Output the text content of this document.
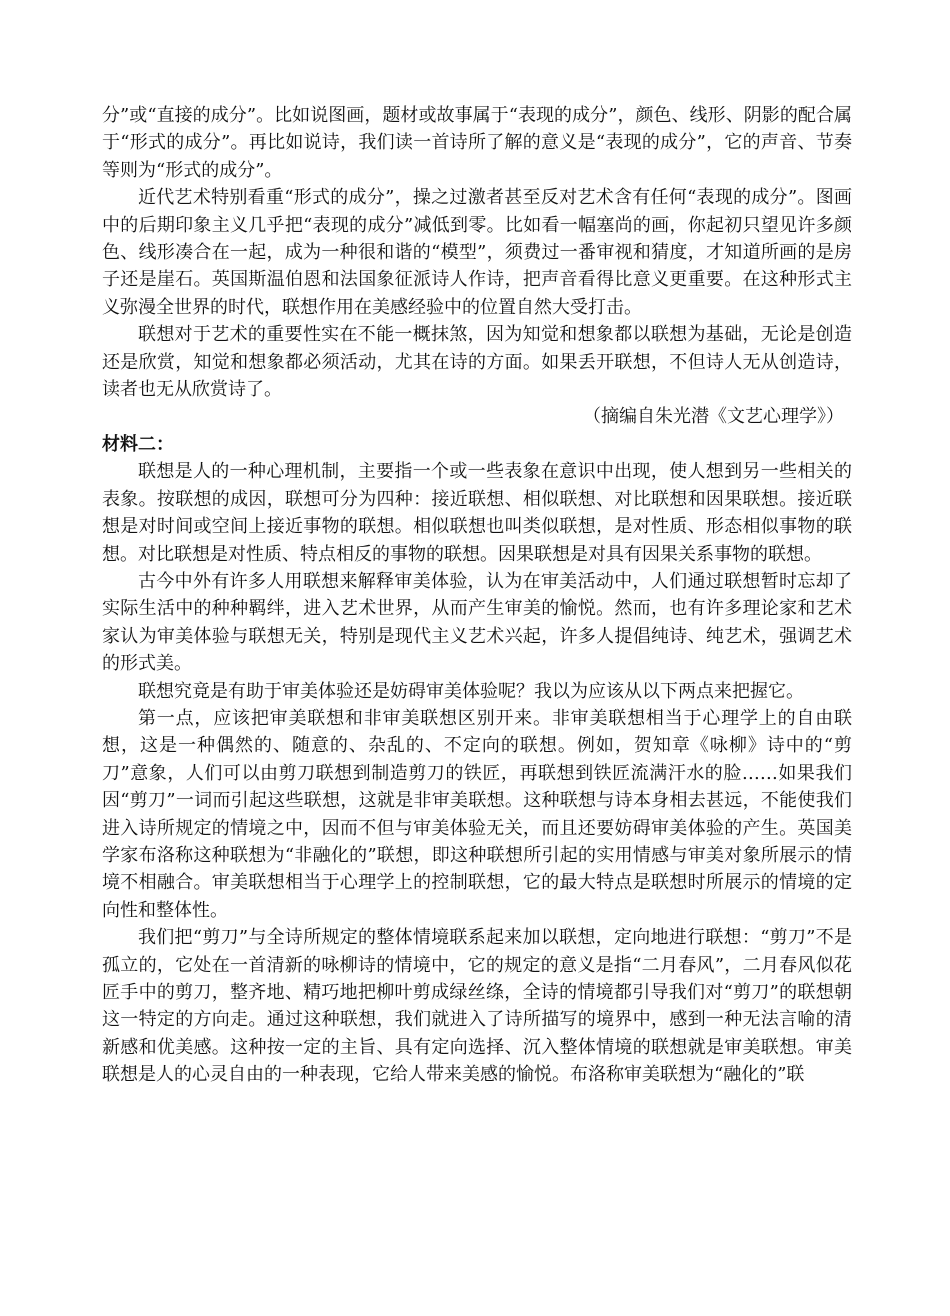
分”或“直接的成分”。比如说图画，题材或故事属于“表现的成分”，颜色、线形、阴影的配合属于“形式的成分”。再比如说诗，我们读一首诗所了解的意义是“表现的成分”，它的声音、节奏等则为“形式的成分”。

近代艺术特别看重“形式的成分”，操之过激者甚至反对艺术含有任何“表现的成分”。图画中的后期印象主义几乎把“表现的成分”减低到零。比如看一幅塞尚的画，你起初只望见许多颜色、线形凑合在一起，成为一种很和谐的“模型”，须费过一番审视和猜度，才知道所画的是房子还是崖石。英国斯温伯恩和法国象征派诗人作诗，把声音看得比意义更重要。在这种形式主义弥漫全世界的时代，联想作用在美感经验中的位置自然大受打击。

联想对于艺术的重要性实在不能一概抹煞，因为知觉和想象都以联想为基础，无论是创造还是欣赏，知觉和想象都必须活动，尤其在诗的方面。如果丢开联想，不但诗人无从创造诗，读者也无从欣赏诗了。

（摘编自朱光潜《文艺心理学》）

材料二：

联想是人的一种心理机制，主要指一个或一些表象在意识中出现，使人想到另一些相关的表象。按联想的成因，联想可分为四种：接近联想、相似联想、对比联想和因果联想。接近联想是对时间或空间上接近事物的联想。相似联想也叫类似联想，是对性质、形态相似事物的联想。对比联想是对性质、特点相反的事物的联想。因果联想是对具有因果关系事物的联想。

古今中外有许多人用联想来解释审美体验，认为在审美活动中，人们通过联想暂时忘却了实际生活中的种种羁绊，进入艺术世界，从而产生审美的愉悦。然而，也有许多理论家和艺术家认为审美体验与联想无关，特别是现代主义艺术兴起，许多人提倡纯诗、纯艺术，强调艺术的形式美。

联想究竟是有助于审美体验还是妨碍审美体验呢？我以为应该从以下两点来把握它。

第一点，应该把审美联想和非审美联想区别开来。非审美联想相当于心理学上的自由联想，这是一种偶然的、随意的、杂乱的、不定向的联想。例如，贺知章《咏柳》诗中的“剪刀”意象，人们可以由剪刀联想到制造剪刀的铁匠，再联想到铁匠流满汗水的脸……如果我们因“剪刀”一词而引起这些联想，这就是非审美联想。这种联想与诗本身相去甚远，不能使我们进入诗所规定的情境之中，因而不但与审美体验无关，而且还要妨碍审美体验的产生。英国美学家布洛称这种联想为“非融化的”联想，即这种联想所引起的实用情感与审美对象所展示的情境不相融合。审美联想相当于心理学上的控制联想，它的最大特点是联想时所展示的情境的定向性和整体性。

我们把“剪刀”与全诗所规定的整体情境联系起来加以联想，定向地进行联想：“剪刀”不是孤立的，它处在一首清新的咏柳诗的情境中，它的规定的意义是指“二月春风”，二月春风似花匠手中的剪刀，整齐地、精巧地把柳叶剪成绿丝绦，全诗的情境都引导我们对“剪刀”的联想朝这一特定的方向走。通过这种联想，我们就进入了诗所描写的境界中，感到一种无法言喻的清新感和优美感。这种按一定的主旨、具有定向选择、沉入整体情境的联想就是审美联想。审美联想是人的心灵自由的一种表现，它给人带来美感的愉悦。布洛称审美联想为“融化的”联
